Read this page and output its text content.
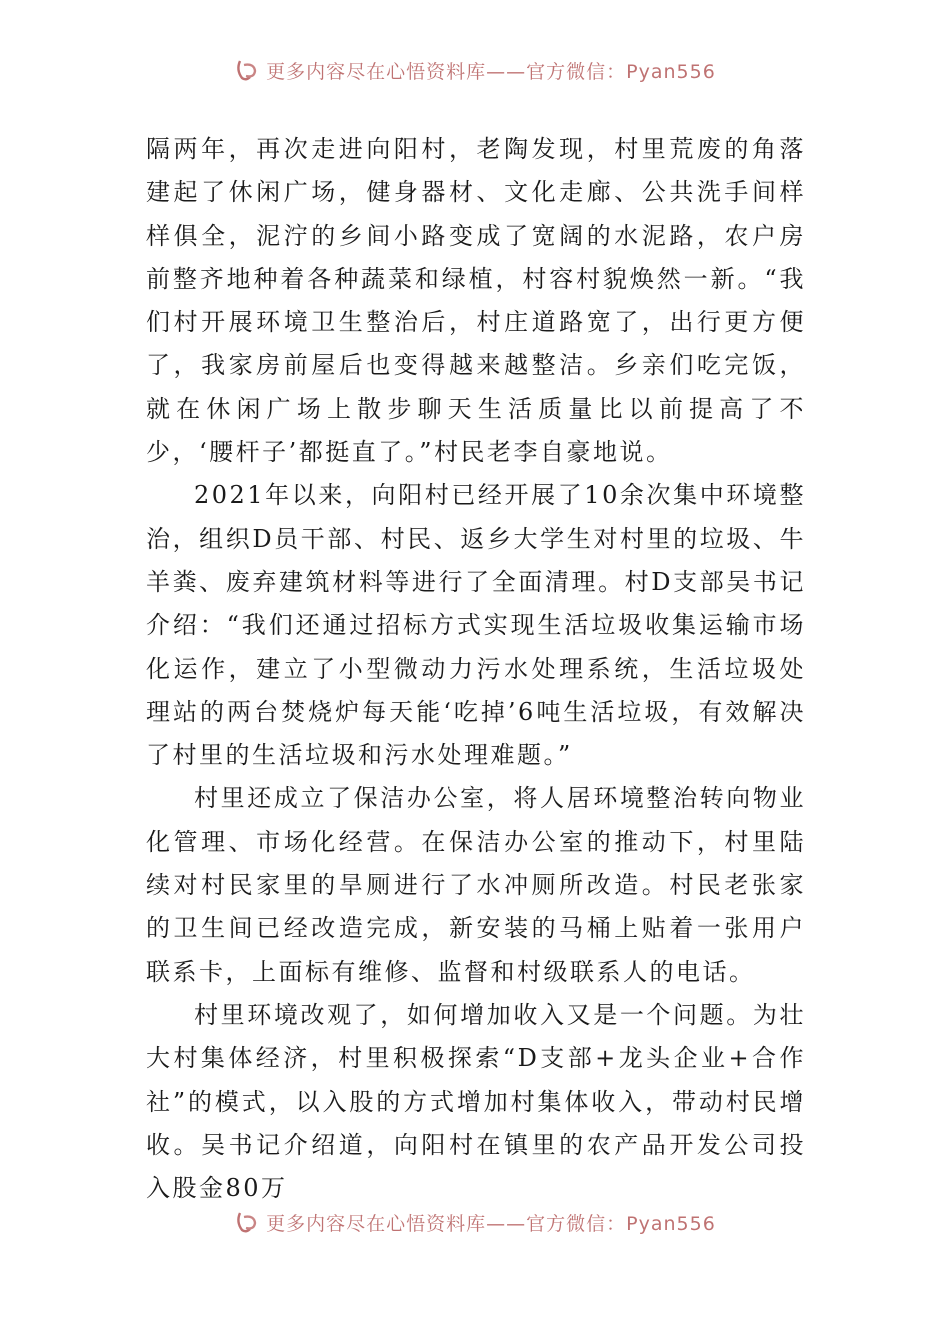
更多内容尽在心悟资料库——官方微信：Pyan556

隔两年，再次走进向阳村，老陶发现，村里荒废的角落建起了休闲广场，健身器材、文化走廊、公共洗手间样样俱全，泥泞的乡间小路变成了宽阔的水泥路，农户房前整齐地种着各种蔬菜和绿植，村容村貌焕然一新。“我们村开展环境卫生整治后，村庄道路宽了，出行更方便了，我家房前屋后也变得越来越整洁。乡亲们吃完饭，就在休闲广场上散步聊天生活质量比以前提高了不少，‘腰杆子’都挺直了。”村民老李自豪地说。

2021年以来，向阳村已经开展了10余次集中环境整治，组织D员干部、村民、返乡大学生对村里的垃圾、牛羊粪、废弃建筑材料等进行了全面清理。村D支部吴书记介绍：“我们还通过招标方式实现生活垃圾收集运输市场化运作，建立了小型微动力污水处理系统，生活垃圾处理站的两台焚烧炉每天能‘吃掉’6吨生活垃圾，有效解决了村里的生活垃圾和污水处理难题。”

村里还成立了保洁办公室，将人居环境整治转向物业化管理、市场化经营。在保洁办公室的推动下，村里陆续对村民家里的旱厕进行了水冲厕所改造。村民老张家的卫生间已经改造完成，新安装的马桶上贴着一张用户联系卡，上面标有维修、监督和村级联系人的电话。

村里环境改观了，如何增加收入又是一个问题。为壮大村集体经济，村里积极探索“D支部+龙头企业+合作社”的模式，以入股的方式增加村集体收入，带动村民增收。吴书记介绍道，向阳村在镇里的农产品开发公司投入股金80万

更多内容尽在心悟资料库——官方微信：Pyan556
